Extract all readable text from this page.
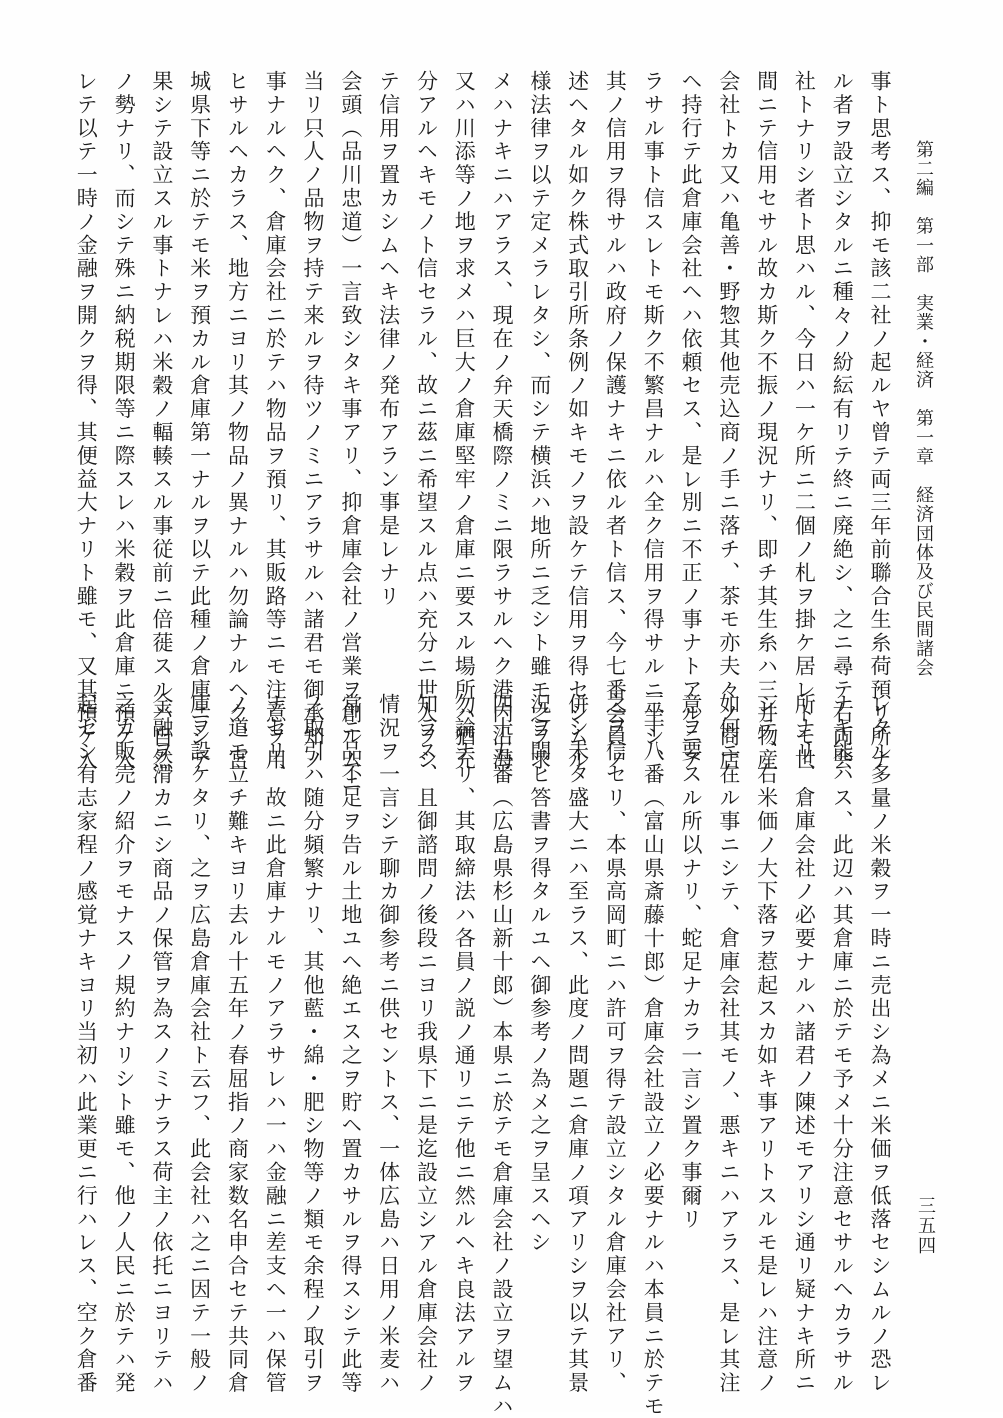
第二編　第一部　実業・経済　第一章　経済団体及び民間諸会
三五四
事ト思考ス、抑モ該二社ノ起ルヤ曾テ両三年前聯合生糸荷預リ所ナ
ル者ヲ設立シタルニ種々ノ紛紜有リテ終ニ廃絶シ、之ニ尋テ右両会
社トナリシ者ト思ハル、今日ハ一ケ所ニ二個ノ札ヲ掛ケ居レトモ世
間ニテ信用セサル故カ斯ク不振ノ現況ナリ、即チ其生糸ハ三井物産
会社トカ又ハ亀善・野惣其他売込商ノ手ニ落チ、茶モ亦夫々ノ商店
ヘ持行テ此倉庫会社ヘハ依頼セス、是レ別ニ不正ノ事ナトアルニア
ラサル事ト信スレトモ斯ク不繁昌ナルハ全ク信用ヲ得サルニ坐シ、
其ノ信用ヲ得サルハ政府ノ保護ナキニ依ル者ト信ス、今七番会員ノ
述ヘタル如ク株式取引所条例ノ如キモノヲ設ケテ信用ヲ得セシムル
様法律ヲ以テ定メラレタシ、而シテ横浜ハ地所ニ乏シト雖モ之ヲ求
メハナキニハアラス、現在ノ弁天橋際ノミニ限ラサルヘク港内沿海
又ハ川添等ノ地ヲ求メハ巨大ノ倉庫堅牢ノ倉庫ニ要スル場所ハ猶充
分アルヘキモノト信セラル、故ニ茲ニ希望スル点ハ充分ニ世人ヲシ
テ信用ヲ置カシムヘキ法律ノ発布アラン事是レナリ
会頭（品川忠道）一言致シタキ事アリ、抑倉庫会社ノ営業ヲ創ルムニ
当リ只人ノ品物ヲ持テ来ルヲ待ツノミニアラサルハ諸君モ御承知ノ
事ナルヘク、倉庫会社ニ於テハ物品ヲ預リ、其販路等ニモ注意ヲ用
ヒサルヘカラス、地方ニヨリ其ノ物品ノ異ナルハ勿論ナルヘク、宮
城県下等ニ於テモ米ヲ預カル倉庫第一ナルヲ以テ此種ノ倉庫ニシテ
果シテ設立スル事トナレハ米穀ノ輻輳スル事従前ニ倍蓰スルハ自然
ノ勢ナリ、而シテ殊ニ納税期限等ニ際スレハ米穀ヲ此倉庫ニ預ケ入
レテ以テ一時ノ金融ヲ開クヲ得、其便益大ナリト雖モ、又其預ケ入
レタル多量ノ米穀ヲ一時ニ売出シ為メニ米価ヲ低落セシムルノ恐レ
ナキ能ハス、此辺ハ其倉庫ニ於テモ予メ十分注意セサルヘカラサル
所ナリ、倉庫会社ノ必要ナルハ諸君ノ陳述モアリシ通リ疑ナキ所ニ
シテ、右米価ノ大下落ヲ惹起スカ如キ事アリトスルモ是レハ注意ノ
如何ニ在ル事ニシテ、倉庫会社其モノ、悪キニハアラス、是レ其注
意ヲ要スル所以ナリ、蛇足ナカラ一言シ置ク事爾リ
三十八番（富山県斎藤十郎）倉庫会社設立ノ必要ナルハ本員ニ於テモ
之ヲ信セリ、本県高岡町ニハ許可ヲ得テ設立シタル倉庫会社アリ、
併シ未タ盛大ニハ至ラス、此度ノ問題ニ倉庫ノ項アリシヲ以テ其景
況ヲ問ヒ答書ヲ得タルユヘ御参考ノ為メ之ヲ呈スヘシ
四十五番（広島県杉山新十郎）本県ニ於テモ倉庫会社ノ設立ヲ望ムハ
勿論ナリ、其取締法ハ各員ノ説ノ通リニテ他ニ然ルヘキ良法アルヲ
知ラス、且御諮問ノ後段ニヨリ我県下ニ是迄設立シアル倉庫会社ノ
情況ヲ一言シテ聊カ御参考ニ供セントス、一体広島ハ日用ノ米麦ハ
常ニ品不足ヲ告ル土地ユヘ絶エス之ヲ貯ヘ置カサルヲ得スシテ此等
ノ取引ハ随分頻繁ナリ、其他藍・綿・肥シ物等ノ類モ余程ノ取引ヲ
ナセリ、故ニ此倉庫ナルモノアラサレハ一ハ金融ニ差支ヘ一ハ保管
ノ道モ立チ難キヨリ去ル十五年ノ春屈指ノ商家数名申合セテ共同倉
庫ヲ設ケタリ、之ヲ広島倉庫会社ト云フ、此会社ハ之ニ因テ一般ノ
金融ヲ滑カニシ商品ノ保管ヲ為スノミナラス荷主ノ依托ニヨリテハ
之カ販売ノ紹介ヲモナスノ規約ナリシト雖モ、他ノ人民ニ於テハ発
起セシ有志家程ノ感覚ナキヨリ当初ハ此業更ニ行ハレス、空ク倉番
